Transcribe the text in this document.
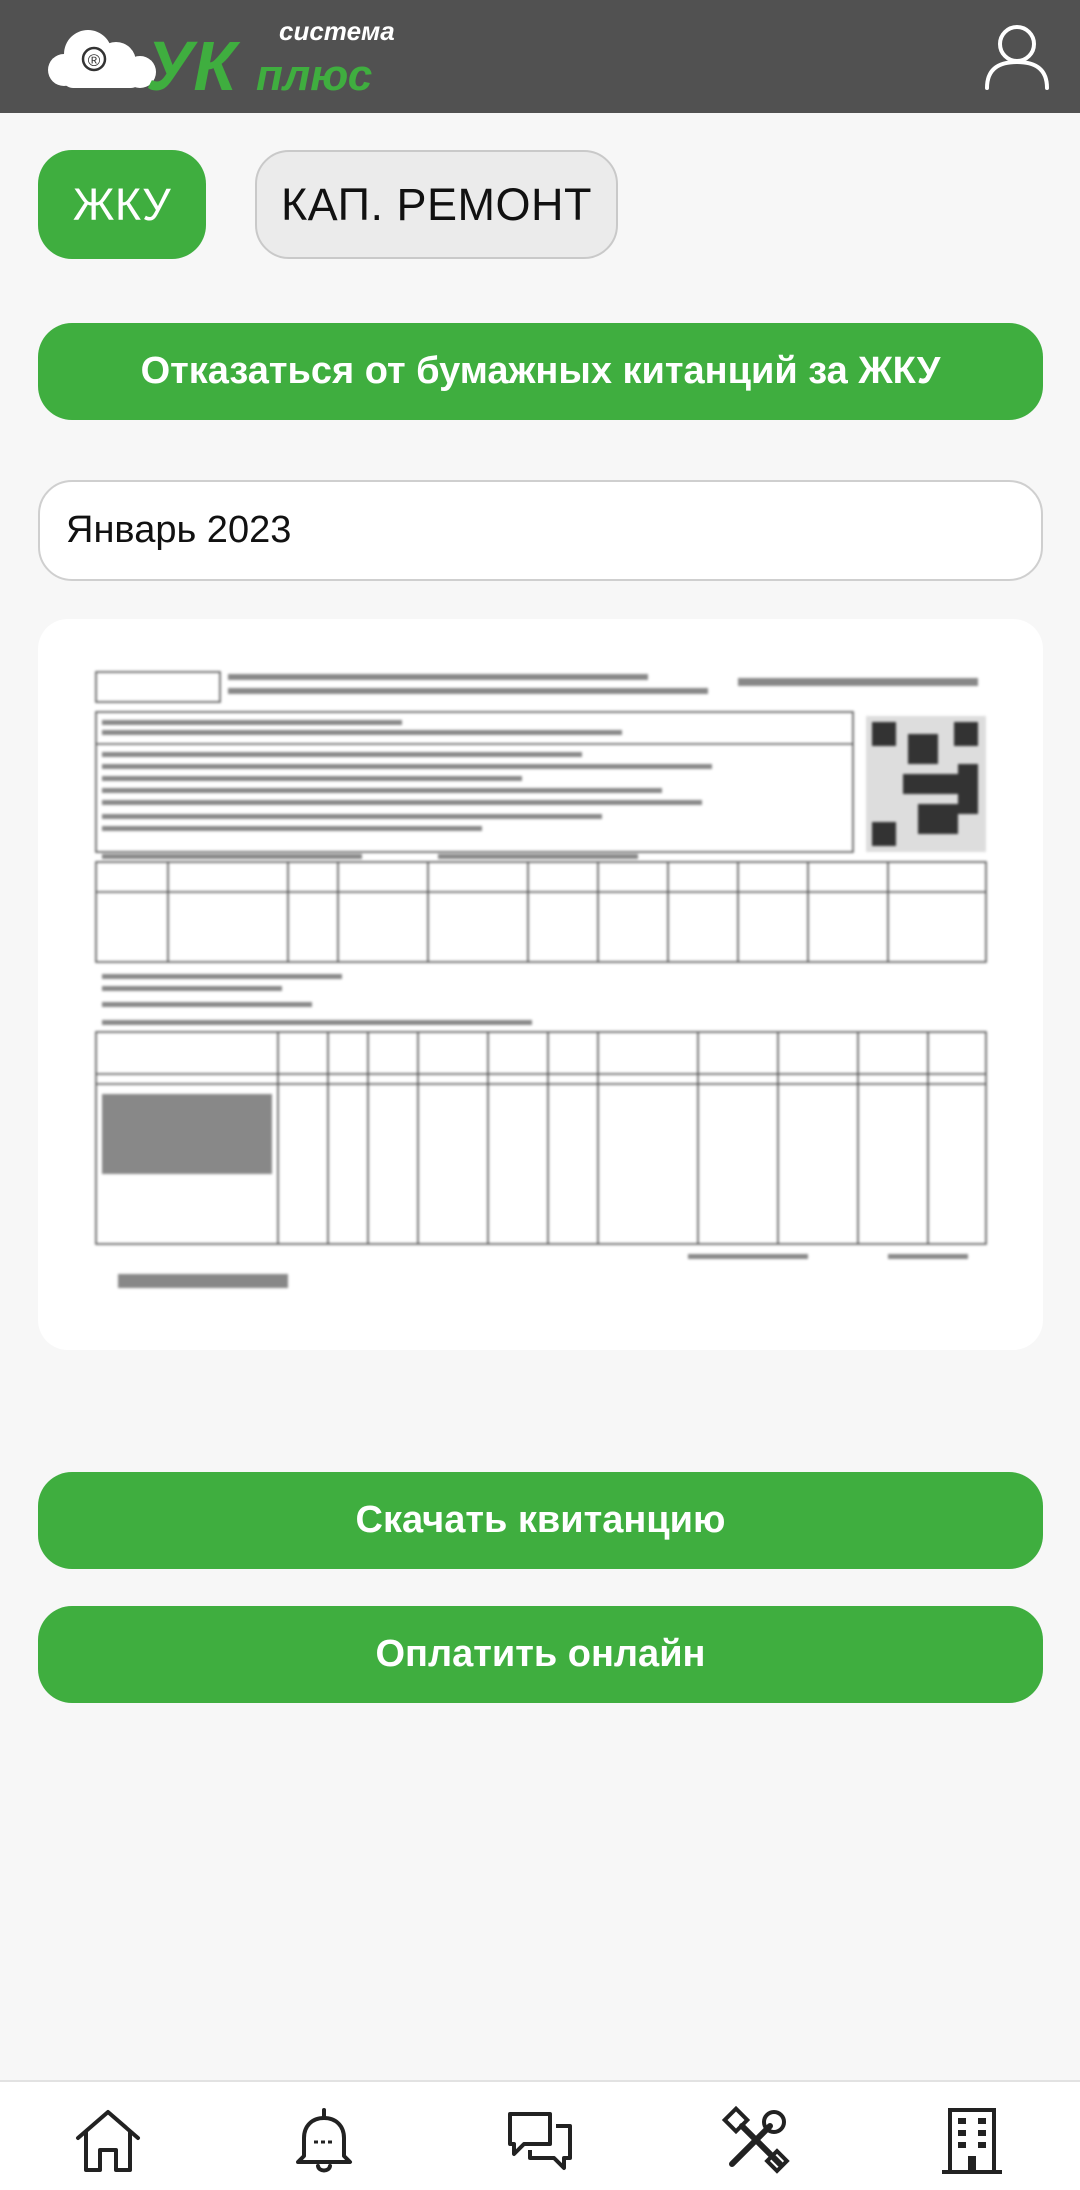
® УК система
плюс
ЖКУ	КАП. РЕМОНТ
Отказаться от бумажных китанций за ЖКУ
Январь 2023
Скачать квитанцию
Оплатить онлайн
